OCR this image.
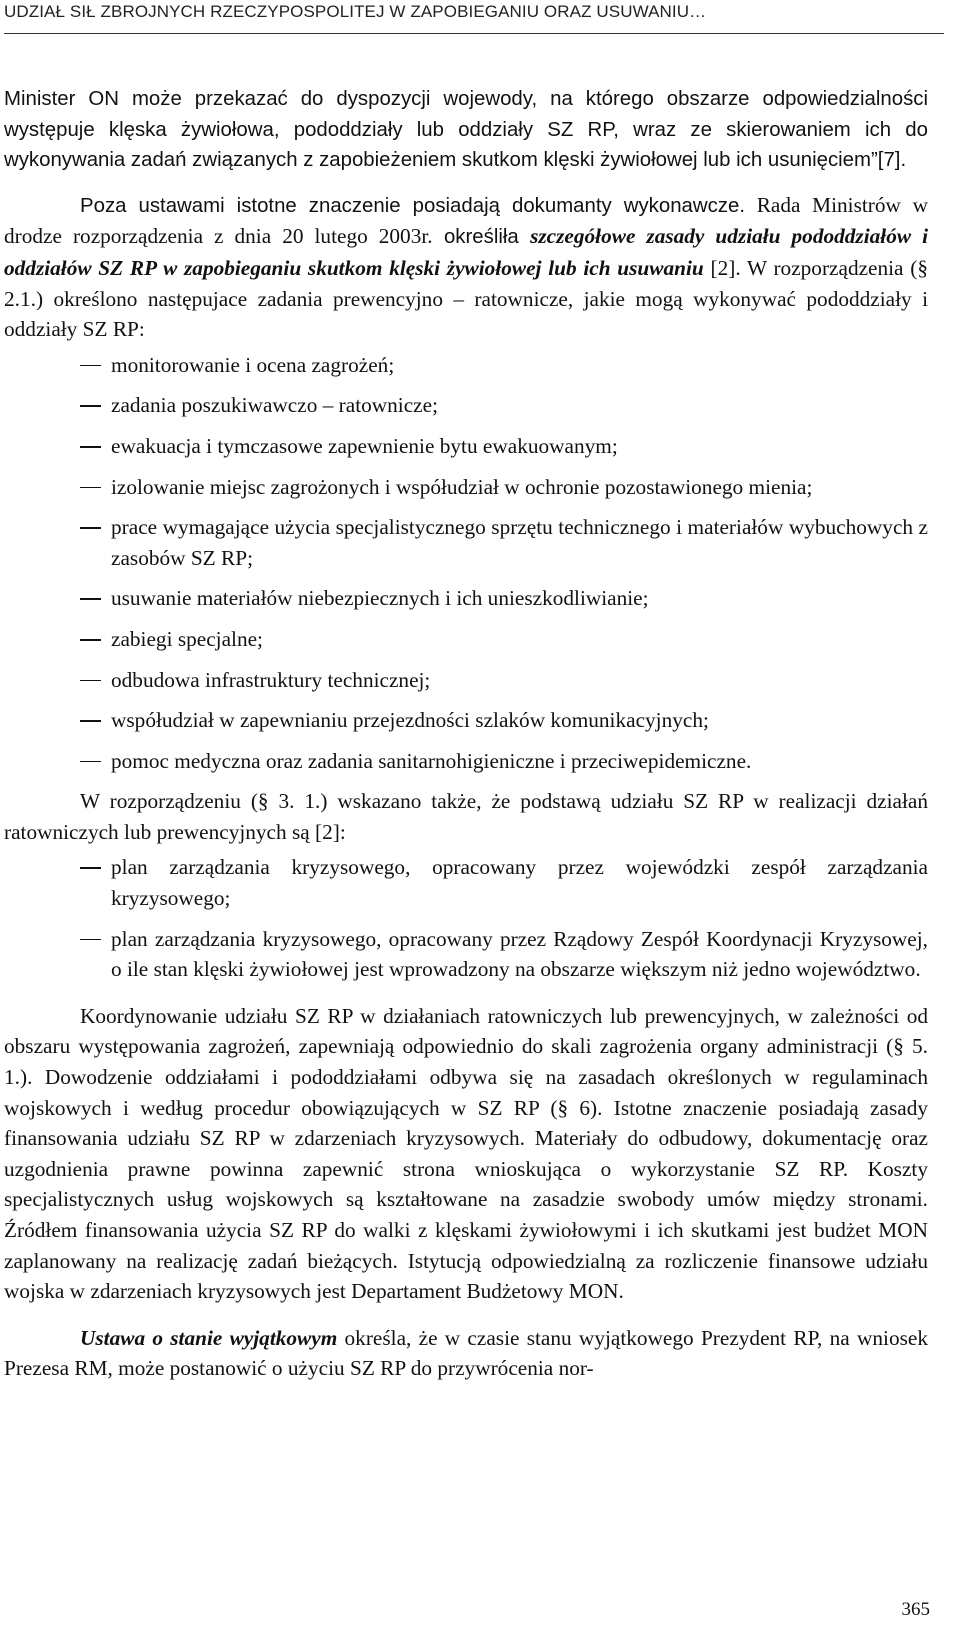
UDZIAŁ SIŁ ZBROJNYCH RZECZYPOSPOLITEJ W ZAPOBIEGANIU ORAZ USUWANIU…

Minister ON może przekazać do dyspozycji wojewody, na którego obszarze odpowiedzialności występuje klęska żywiołowa, pododdziały lub oddziały SZ RP, wraz ze skierowaniem ich do wykonywania zadań związanych z zapobieżeniem skutkom klęski żywiołowej lub ich usunięciem”[7].

Poza ustawami istotne znaczenie posiadają dokumanty wykonawcze. Rada Ministrów w drodze rozporządzenia z dnia 20 lutego 2003r. określiła szczegółowe zasady udziału pododdziałów i oddziałów SZ RP w zapobieganiu skutkom klęski żywiołowej lub ich usuwaniu [2]. W rozporządzenia (§ 2.1.) określono następujace zadania prewencyjno – ratownicze, jakie mogą wykonywać pododdziały i oddziały SZ RP:

monitorowanie i ocena zagrożeń;
zadania poszukiwawczo – ratownicze;
ewakuacja i tymczasowe zapewnienie bytu ewakuowanym;
izolowanie miejsc zagrożonych i współudział w ochronie pozostawionego mienia;
prace wymagające użycia specjalistycznego sprzętu technicznego i materiałów wybuchowych z zasobów SZ RP;
usuwanie materiałów niebezpiecznych i ich unieszkodliwianie;
zabiegi specjalne;
odbudowa infrastruktury technicznej;
współudział w zapewnianiu przejezdności szlaków komunikacyjnych;
pomoc medyczna oraz zadania sanitarnohigieniczne i przeciwepidemiczne.

W rozporządzeniu (§ 3. 1.) wskazano także, że podstawą udziału SZ RP w realizacji działań ratowniczych lub prewencyjnych są [2]:

plan zarządzania kryzysowego, opracowany przez wojewódzki zespół zarządzania kryzysowego;
plan zarządzania kryzysowego, opracowany przez Rządowy Zespół Koordynacji Kryzysowej, o ile stan klęski żywiołowej jest wprowadzony na obszarze większym niż jedno województwo.

Koordynowanie udziału SZ RP w działaniach ratowniczych lub prewencyjnych, w zależności od obszaru występowania zagrożeń, zapewniają odpowiednio do skali zagrożenia organy administracji (§ 5. 1.). Dowodzenie oddziałami i pododdziałami odbywa się na zasadach określonych w regulaminach wojskowych i według procedur obowiązujących w SZ RP (§ 6). Istotne znaczenie posiadają zasady finansowania udziału SZ RP w zdarzeniach kryzysowych. Materiały do odbudowy, dokumentację oraz uzgodnienia prawne powinna zapewnić strona wnioskująca o wykorzystanie SZ RP. Koszty specjalistycznych usług wojskowych są kształtowane na zasadzie swobody umów między stronami. Źródłem finansowania użycia SZ RP do walki z klęskami żywiołowymi i ich skutkami jest budżet MON zaplanowany na realizację zadań bieżących. Istytucją odpowiedzialną za rozliczenie finansowe udziału wojska w zdarzeniach kryzysowych jest Departament Budżetowy MON.

Ustawa o stanie wyjątkowym określa, że w czasie stanu wyjątkowego Prezydent RP, na wniosek Prezesa RM, może postanowić o użyciu SZ RP do przywrócenia nor-

365
